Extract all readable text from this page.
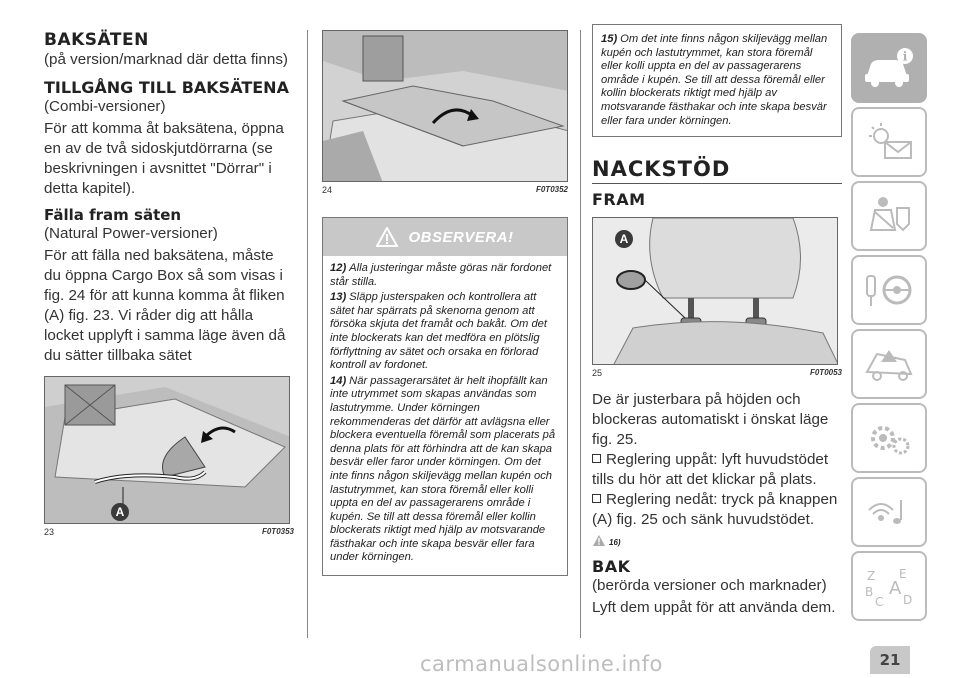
BAKSÄTEN
(på version/marknad där detta finns)
TILLGÅNG TILL BAKSÄTENA
(Combi-versioner)
För att komma åt baksätena, öppna en av de två sidoskjutdörrarna (se beskrivningen i avsnittet "Dörrar" i detta kapitel).
Fälla fram säten
(Natural Power-versioner)
För att fälla ned baksätena, måste du öppna Cargo Box så som visas i fig. 24 för att kunna komma åt fliken (A) fig. 23. Vi råder dig att hålla locket upplyft i samma läge även då du sätter tillbaka sätet
A
23	F0T0353
24	F0T0352
OBSERVERA!
12) Alla justeringar måste göras när fordonet står stilla.
13) Släpp justerspaken och kontrollera att sätet har spärrats på skenorna genom att försöka skjuta det framåt och bakåt. Om det inte blockerats kan det medföra en plötslig förflyttning av sätet och orsaka en förlorad kontroll av fordonet.
14) När passagerarsätet är helt ihopfällt kan inte utrymmet som skapas användas som lastutrymme. Under körningen rekommenderas det därför att avlägsna eller blockera eventuella föremål som placerats på denna plats för att förhindra att de kan skapa besvär eller faror under körningen. Om det inte finns någon skiljevägg mellan kupén och lastutrymmet, kan stora föremål eller kolli uppta en del av passagerarens område i kupén. Se till att dessa föremål eller kollin blockerats riktigt med hjälp av motsvarande fästhakar och inte skapa besvär eller fara under körningen.
15) Om det inte finns någon skiljevägg mellan kupén och lastutrymmet, kan stora föremål eller kolli uppta en del av passagerarens område i kupén. Se till att dessa föremål eller kollin blockerats riktigt med hjälp av motsvarande fästhakar och inte skapa besvär eller fara under körningen.
NACKSTÖD
FRAM
A
25	F0T0053
De är justerbara på höjden och blockeras automatiskt i önskat läge fig. 25.
Reglering uppåt: lyft huvudstödet tills du hör att det klickar på plats.
Reglering nedåt: tryck på knappen (A) fig. 25 och sänk huvudstödet.
16)
BAK
(berörda versioner och marknader)
Lyft dem uppåt för att använda dem.
i
Z E
B A
C D
carmanualsonline.info	21
